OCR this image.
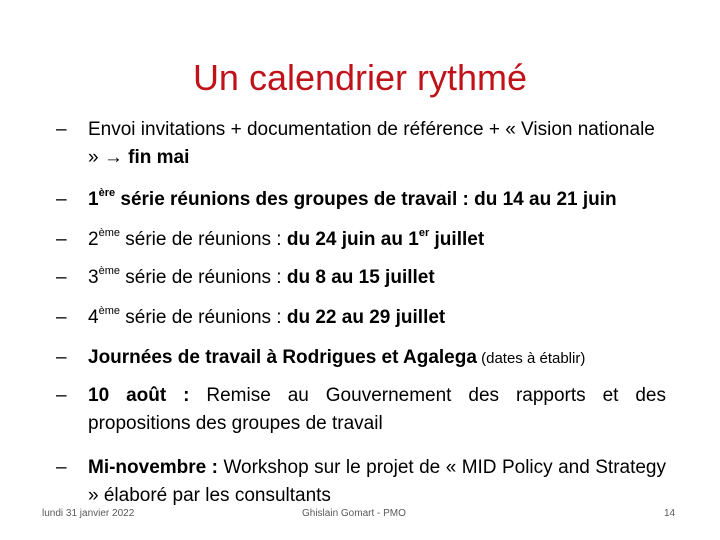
Un calendrier rythmé
–	Envoi invitations + documentation de référence + « Vision nationale » → fin mai
–	1ère série réunions des groupes de travail : du 14 au 21 juin
–	2ème série de réunions : du 24 juin au 1er juillet
–	3ème série de réunions : du 8 au 15 juillet
–	4ème série de réunions : du 22 au 29 juillet
–	Journées de travail à Rodrigues et Agalega (dates à établir)
–	10 août : Remise au Gouvernement des rapports et des propositions des groupes de travail
–	Mi-novembre : Workshop sur le projet de « MID Policy and Strategy » élaboré par les consultants
lundi 31 janvier 2022	Ghislain Gomart - PMO	14
